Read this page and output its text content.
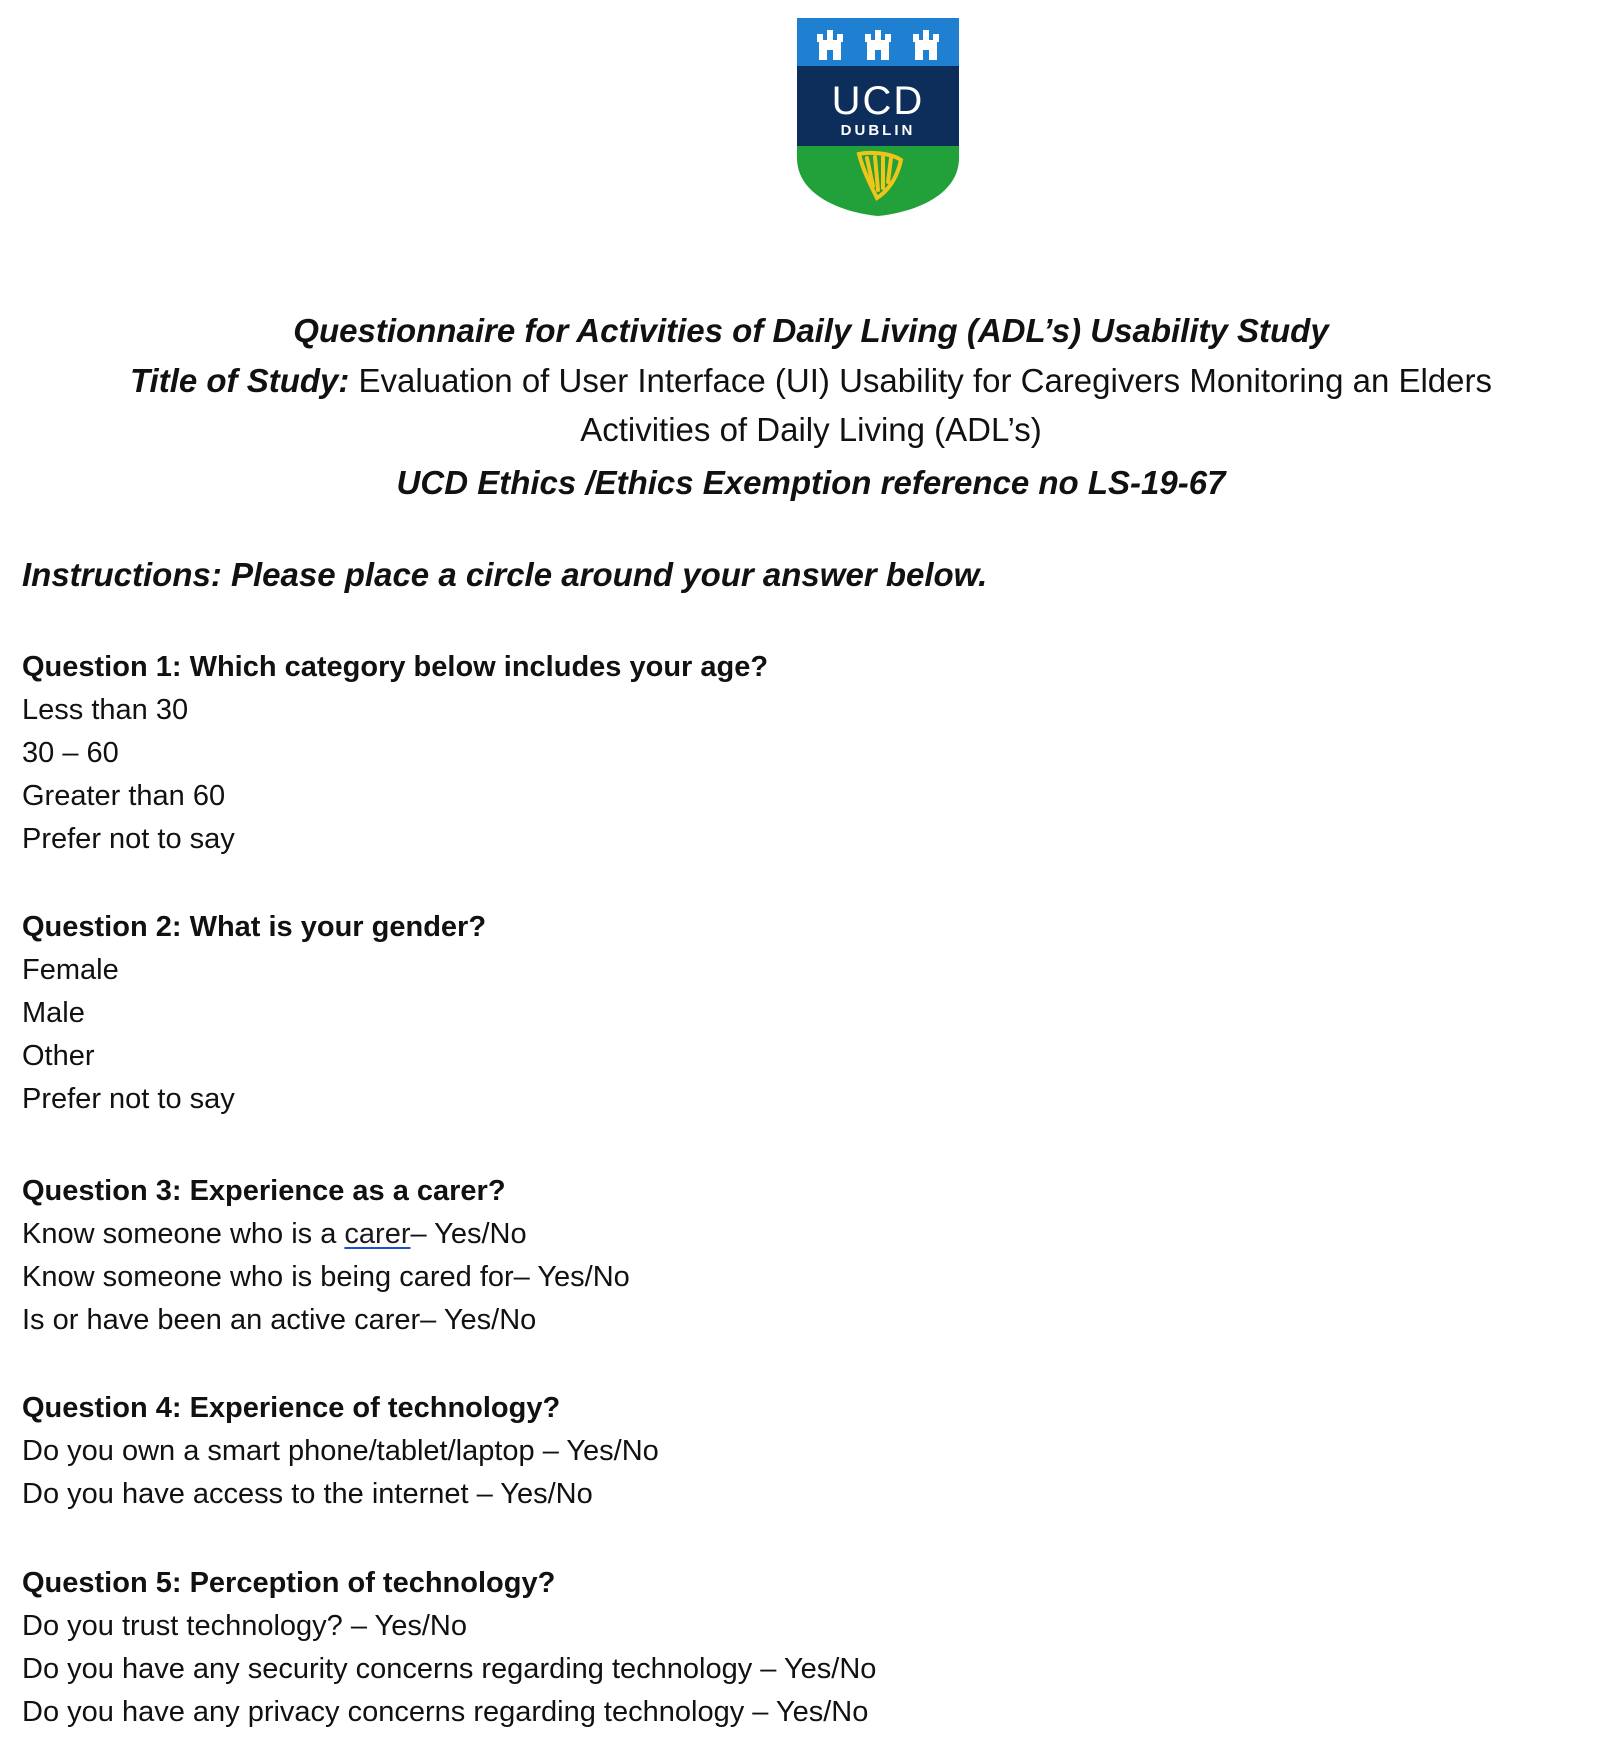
UCD
DUBLIN
Questionnaire for Activities of Daily Living (ADL’s) Usability Study
Title of Study: Evaluation of User Interface (UI) Usability for Caregivers Monitoring an Elders
Activities of Daily Living (ADL’s)
UCD Ethics /Ethics Exemption reference no LS-19-67
Instructions: Please place a circle around your answer below.
Question 1: Which category below includes your age?
Less than 30
30 – 60
Greater than 60
Prefer not to say
Question 2: What is your gender?
Female
Male
Other
Prefer not to say
Question 3: Experience as a carer?
Know someone who is a carer– Yes/No
Know someone who is being cared for– Yes/No
Is or have been an active carer– Yes/No
Question 4: Experience of technology?
Do you own a smart phone/tablet/laptop – Yes/No
Do you have access to the internet – Yes/No
Question 5: Perception of technology?
Do you trust technology? – Yes/No
Do you have any security concerns regarding technology – Yes/No
Do you have any privacy concerns regarding technology – Yes/No
